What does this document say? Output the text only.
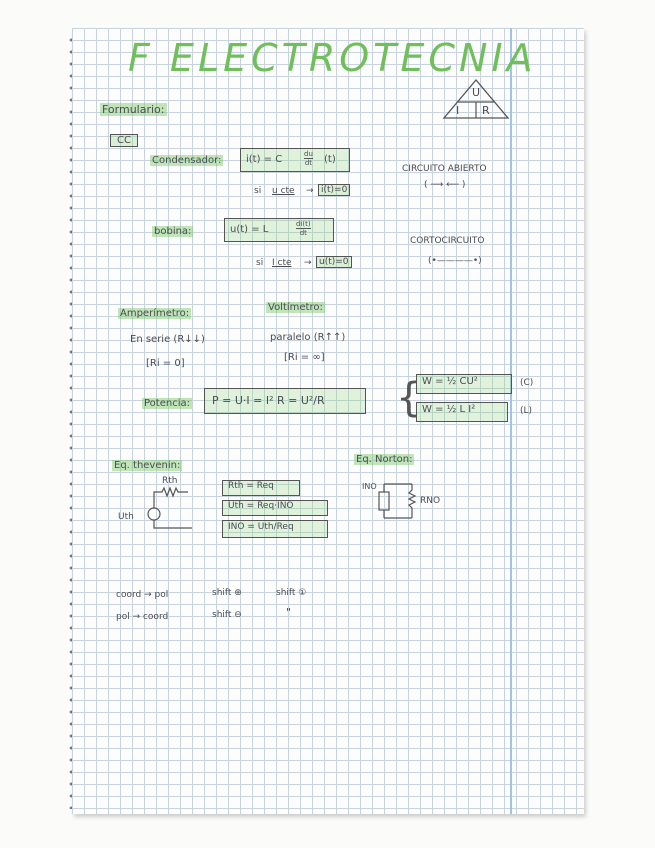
F ELECTROTECNIA
U
I R
Formulario:
CC
Condensador: i(t) = C	$\frac{du}{dt} (t)$
si u cte → i(t)=0
CIRCUITO ABIERTO
( ⟶ ⟵ )
bobina:	u(t) = L	$\frac{di(t)}{dt}$
si I cte → u(t)=0
CORTOCIRCUITO
(•————•)
Amperímetro:
En serie (R↓↓)
[Ri = 0]
Voltímetro:
paralelo (R↑↑)
[Ri = ∞]
Potencia: P = U·I = I² R = U²/R { W = ½ CU²	(C)
W = ½ L I²	(L)
Eq. thevenin:
Rth
Uth
Rth = Req
Uth = Req·INO
INO = Uth/Req
Eq. Norton:
INO
RNO
coord → pol	shift ⊕	shift ①
pol → coord	shift ⊖	"
